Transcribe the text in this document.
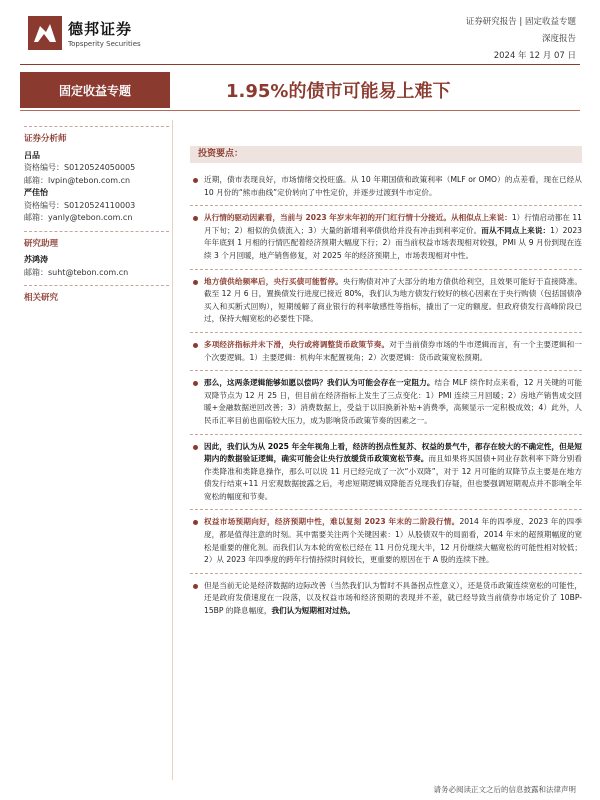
德邦证券
Topsperity Securities
证券研究报告 | 固定收益专题
深度报告
2024 年 12 月 07 日
固定收益专题	1.95%的债市可能易上难下
证券分析师
吕品
资格编号：S0120524050005
邮箱：lvpin@tebon.com.cn
严佳怡
资格编号：S0120524110003
邮箱：yanly@tebon.com.cn
研究助理
苏鸿涛
邮箱：suht@tebon.com.cn
相关研究
投资要点：
近期，债市表现良好，市场情绪交投旺盛。从 10 年期国债和政策利率（MLF or OMO）的点差看，现在已经从 10 月份的“熊市曲线”定价转向了中性定价，并逐步过渡到牛市定价。
从行情的驱动因素看，当前与 2023 年岁末年初的开门红行情十分接近。从相似点上来说：1）行情启动都在 11 月下旬；2）相似的负债流入；3）大量的新增利率债供给并没有冲击到利率定价。而从不同点上来说：1）2023 年年底到 1 月相的行情匹配着经济预期大幅度下行；2）而当前权益市场表现相对较强，PMI 从 9 月份到现在连续 3 个月回暖，地产销售修复，对 2025 年的经济预期上，市场表现相对中性。
地方债供给频率后，央行买债可能暂停。央行购债对冲了大部分的地方债供给利空，且效果可能好于直接降准。截至 12 月 6 日，置换债发行进度已接近 80%，我们认为地方债发行较好的核心因素在于央行购债（包括国债净买入和买断式回购），短期缓解了商业银行的利率敏感性等指标，撬出了一定的额度。但政府债发行高峰阶段已过，保持大幅宽松的必要性下降。
多项经济指标并未下滑，央行或将调整货币政策节奏。对于当前债券市场的牛市逻辑而言，有一个主要逻辑和一个次要逻辑。1）主要逻辑：机构年末配置视角；2）次要逻辑：货币政策宽松预期。
那么，这两条逻辑能够如愿以偿吗？我们认为可能会存在一定阻力。结合 MLF 续作时点来看，12 月关键的可能双降节点为 12 月 25 日，但目前在经济指标上发生了三点变化：1）PMI 连续三月回暖；2）房地产销售成交回暖+金融数据逆回改善；3）消费数据上，受益于以旧换新补贴+消费季，高频显示一定积极成效；4）此外，人民币汇率目前也面临较大压力，成为影响货币政策节奏的因素之一。
因此，我们认为从 2025 年全年视角上看，经济的拐点性复苏、权益的景气牛，都存在较大的不确定性，但是短期内的数据验证逻辑，确实可能会让央行放缓货币政策宽松节奏。而且如果将买国债+同业存款利率下降分别看作类降准和类降息操作，那么可以说 11 月已经完成了一次“小双降”，对于 12 月可能的双降节点主要是在地方债发行结束+11 月宏观数据披露之后，考虑短期逻辑双降能否兑现我们存疑，但也要强调短期观点并不影响全年宽松的幅度和节奏。
权益市场预期向好，经济预期中性，难以复刻 2023 年末的二阶段行情。2014 年的四季度、2023 年的四季度，都是值得注意的时刻。其中需要关注两个关键因素：1）从股债双牛的局面看，2014 年末的超预期幅度的宽松是重要的催化剂。而我们认为本轮的宽松已经在 11 月份兑现大半，12 月份继续大幅宽松的可能性相对较低；2）从 2023 年四季度的跨年行情持续时间较长，更重要的原因在于 A 股的连续下挫。
但是当前无论是经济数据的边际改善（当然我们认为暂时不具备拐点性意义），还是货币政策连续宽松的可能性，还是政府发债速度在一段落，以及权益市场和经济预期的表现并不差，就已经导致当前债券市场定价了 10BP-15BP 的降息幅度，我们认为短期相对过热。
请务必阅读正文之后的信息披露和法律声明
